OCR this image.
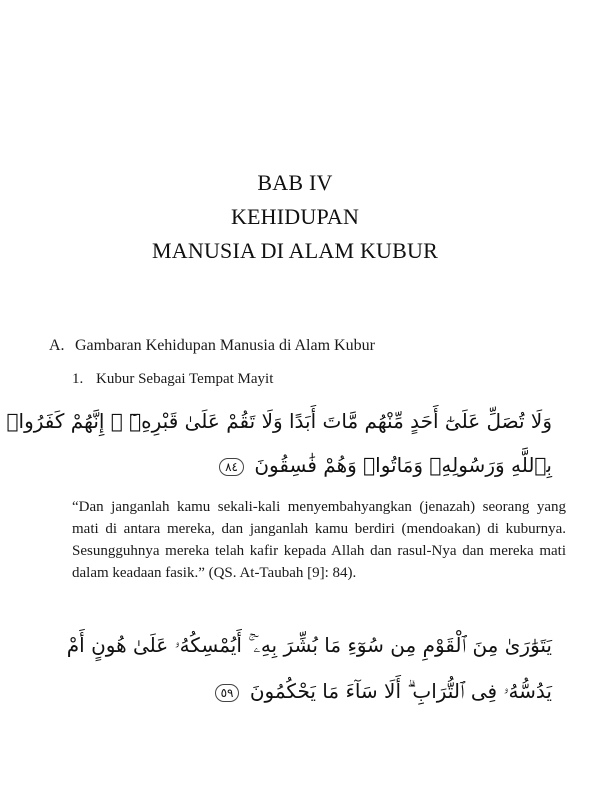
BAB IV
KEHIDUPAN
MANUSIA DI ALAM KUBUR
A. Gambaran Kehidupan Manusia di Alam Kubur
1. Kubur Sebagai Tempat Mayit
وَلَا تُصَلِّ عَلَىٰٓ أَحَدٍ مِّنْهُم مَّاتَ أَبَدًا وَلَا تَقُمْ عَلَىٰ قَبْرِهِۦٓ ۖ إِنَّهُمْ كَفَرُوا۟
بِٱللَّهِ وَرَسُولِهِۦ وَمَاتُوا۟ وَهُمْ فَٰسِقُونَ ٨٤
“Dan janganlah kamu sekali-kali menyembahyangkan (jenazah) seorang yang mati di antara mereka, dan janganlah kamu berdiri (mendoakan) di kuburnya. Sesungguhnya mereka telah kafir kepada Allah dan rasul-Nya dan mereka mati dalam keadaan fasik.” (QS. At-Taubah [9]: 84).
يَتَوَٰرَىٰ مِنَ ٱلْقَوْمِ مِن سُوٓءِ مَا بُشِّرَ بِهِۦٓ ۚ أَيُمْسِكُهُۥ عَلَىٰ هُونٍ أَمْ
يَدُسُّهُۥ فِى ٱلتُّرَابِ ۗ أَلَا سَآءَ مَا يَحْكُمُونَ ٥٩
